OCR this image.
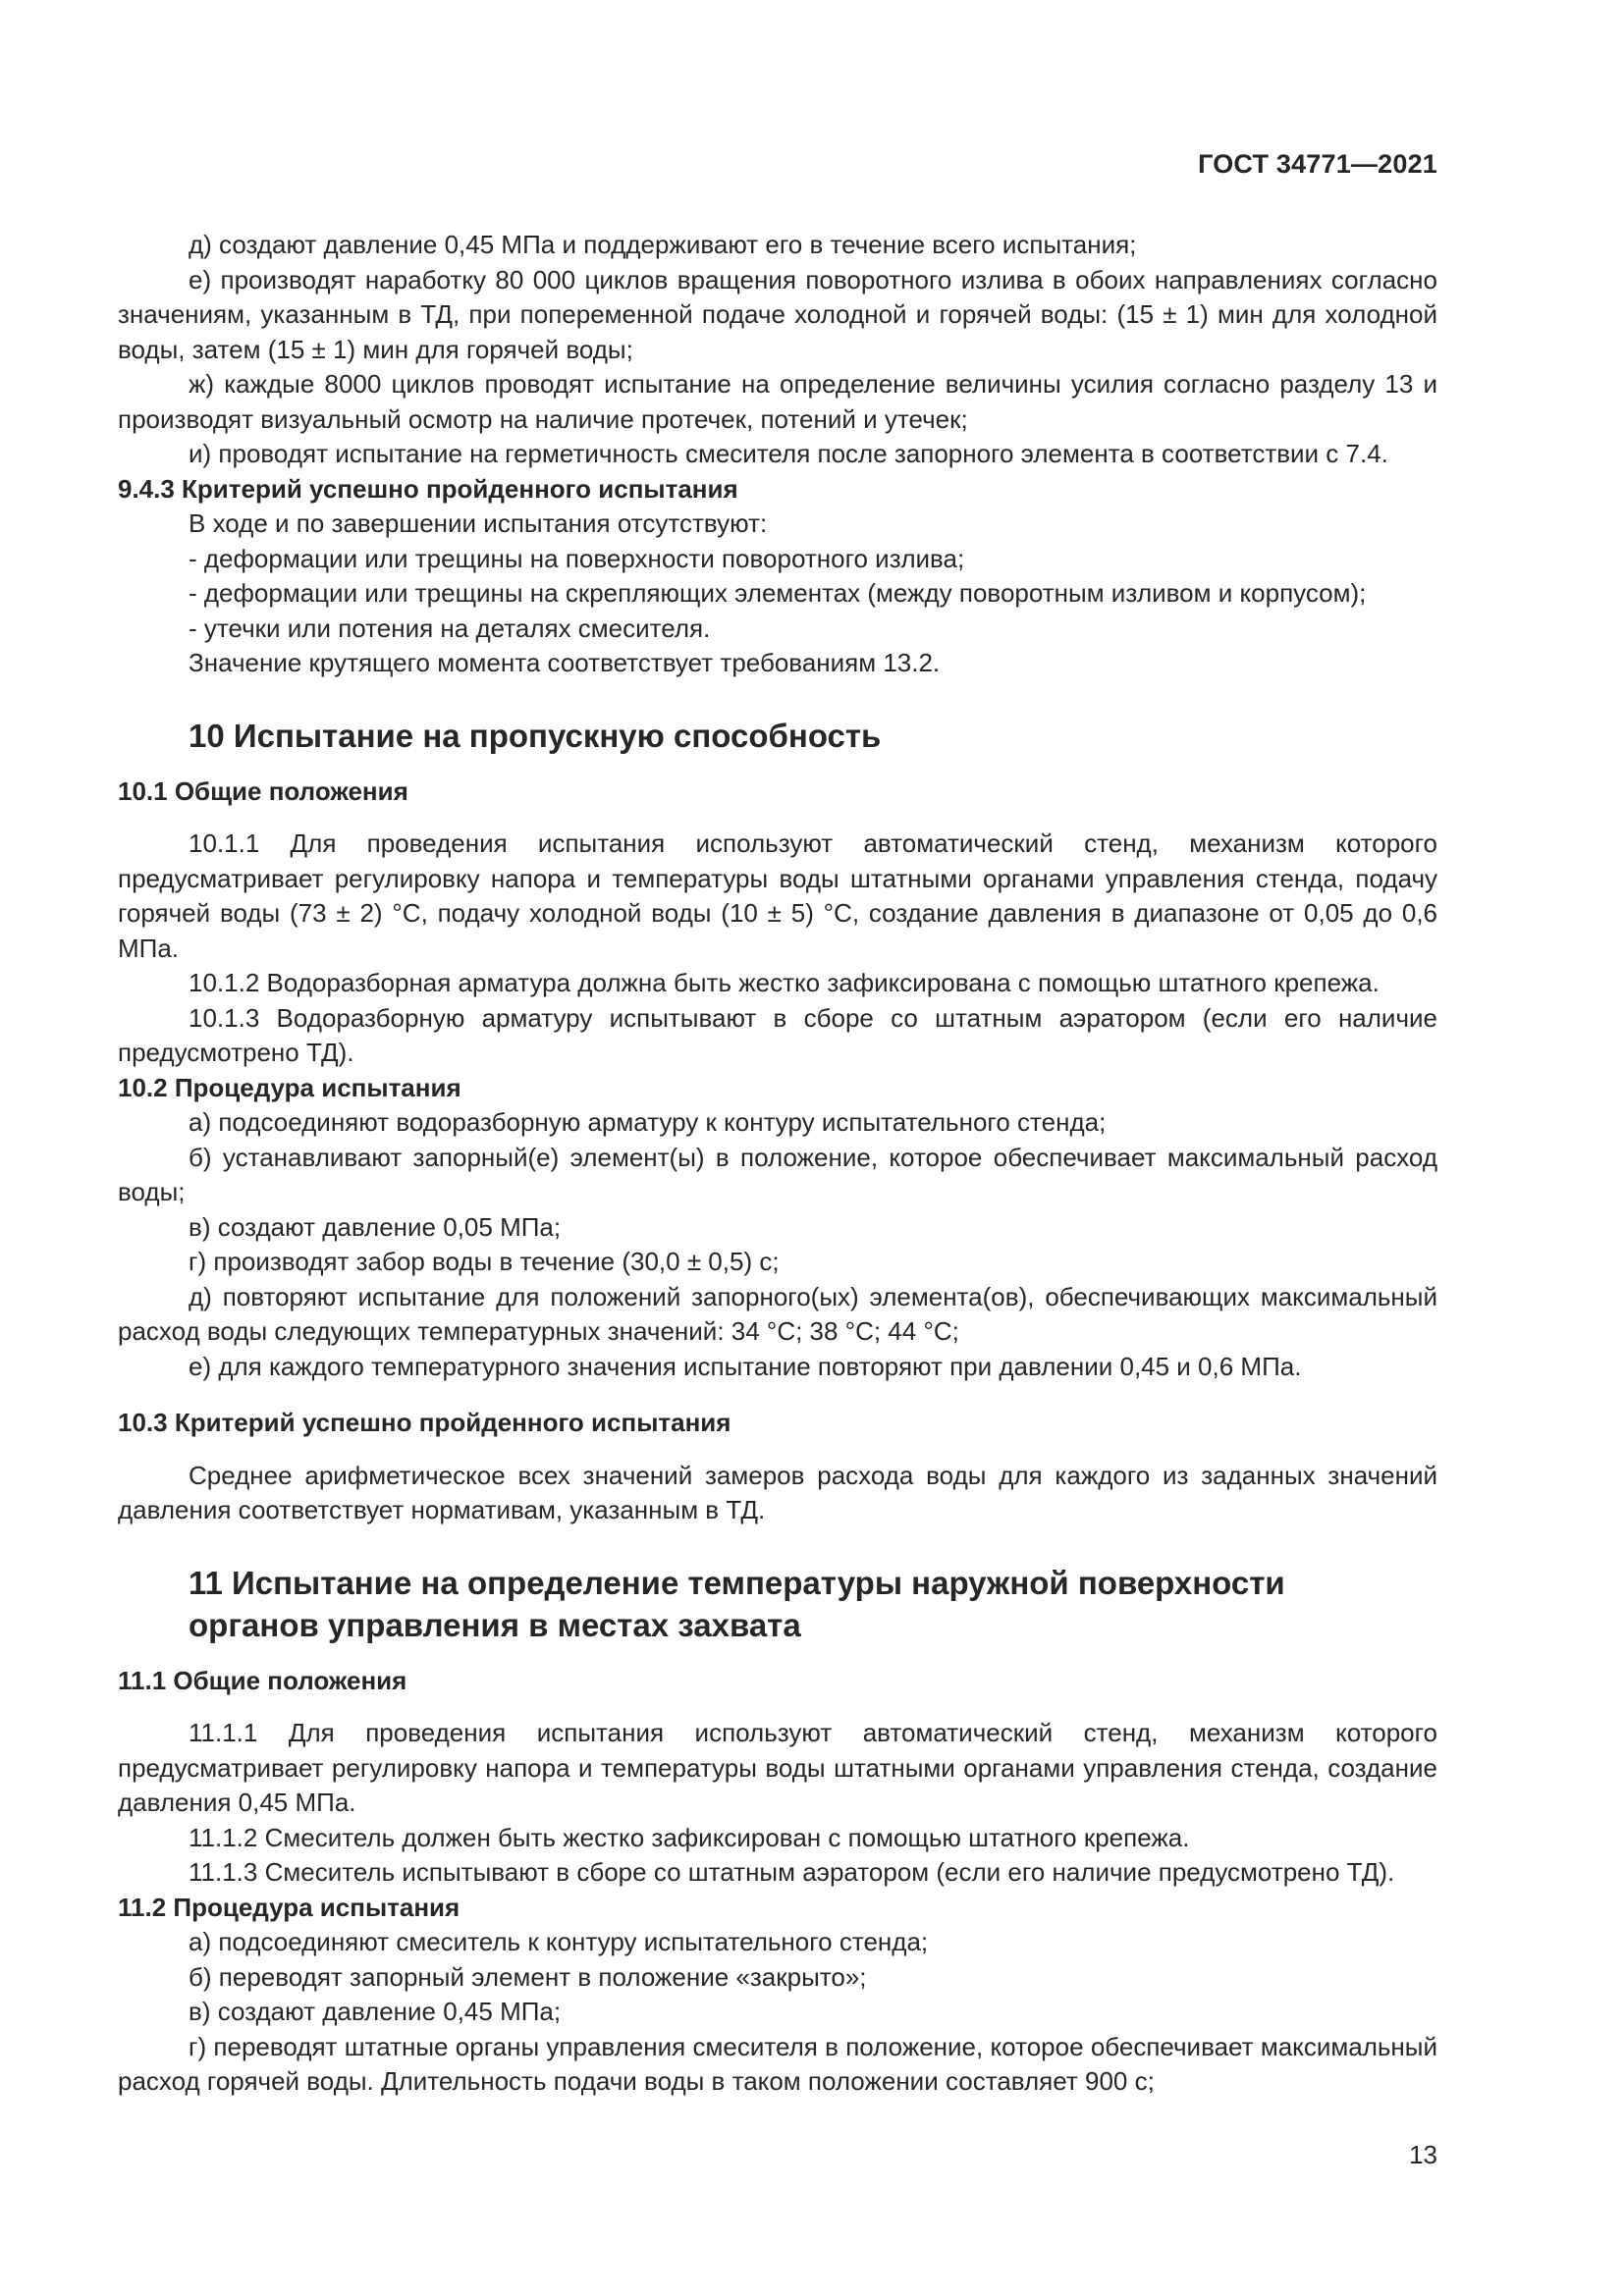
ГОСТ 34771—2021

д) создают давление 0,45 МПа и поддерживают его в течение всего испытания;

е) производят наработку 80 000 циклов вращения поворотного излива в обоих направлениях согласно значениям, указанным в ТД, при попеременной подаче холодной и горячей воды: (15 ± 1) мин для холодной воды, затем (15 ± 1) мин для горячей воды;

ж) каждые 8000 циклов проводят испытание на определение величины усилия согласно разделу 13 и производят визуальный осмотр на наличие протечек, потений и утечек;

и) проводят испытание на герметичность смесителя после запорного элемента в соответствии с 7.4.

9.4.3 Критерий успешно пройденного испытания

В ходе и по завершении испытания отсутствуют:

- деформации или трещины на поверхности поворотного излива;

- деформации или трещины на скрепляющих элементах (между поворотным изливом и корпусом);

- утечки или потения на деталях смесителя.

Значение крутящего момента соответствует требованиям 13.2.

10 Испытание на пропускную способность

10.1 Общие положения

10.1.1 Для проведения испытания используют автоматический стенд, механизм которого предусматривает регулировку напора и температуры воды штатными органами управления стенда, подачу горячей воды (73 ± 2) °С, подачу холодной воды (10 ± 5) °С, создание давления в диапазоне от 0,05 до 0,6 МПа.

10.1.2 Водоразборная арматура должна быть жестко зафиксирована с помощью штатного крепежа.

10.1.3 Водоразборную арматуру испытывают в сборе со штатным аэратором (если его наличие предусмотрено ТД).

10.2 Процедура испытания

а) подсоединяют водоразборную арматуру к контуру испытательного стенда;

б) устанавливают запорный(е) элемент(ы) в положение, которое обеспечивает максимальный расход воды;

в) создают давление 0,05 МПа;

г) производят забор воды в течение (30,0 ± 0,5) с;

д) повторяют испытание для положений запорного(ых) элемента(ов), обеспечивающих максимальный расход воды следующих температурных значений: 34 °С; 38 °С; 44 °С;

е) для каждого температурного значения испытание повторяют при давлении 0,45 и 0,6 МПа.

10.3 Критерий успешно пройденного испытания

Среднее арифметическое всех значений замеров расхода воды для каждого из заданных значений давления соответствует нормативам, указанным в ТД.

11 Испытание на определение температуры наружной поверхности
органов управления в местах захвата

11.1 Общие положения

11.1.1 Для проведения испытания используют автоматический стенд, механизм которого предусматривает регулировку напора и температуры воды штатными органами управления стенда, создание давления 0,45 МПа.

11.1.2 Смеситель должен быть жестко зафиксирован с помощью штатного крепежа.

11.1.3 Смеситель испытывают в сборе со штатным аэратором (если его наличие предусмотрено ТД).

11.2 Процедура испытания

а) подсоединяют смеситель к контуру испытательного стенда;

б) переводят запорный элемент в положение «закрыто»;

в) создают давление 0,45 МПа;

г) переводят штатные органы управления смесителя в положение, которое обеспечивает максимальный расход горячей воды. Длительность подачи воды в таком положении составляет 900 с;

13
